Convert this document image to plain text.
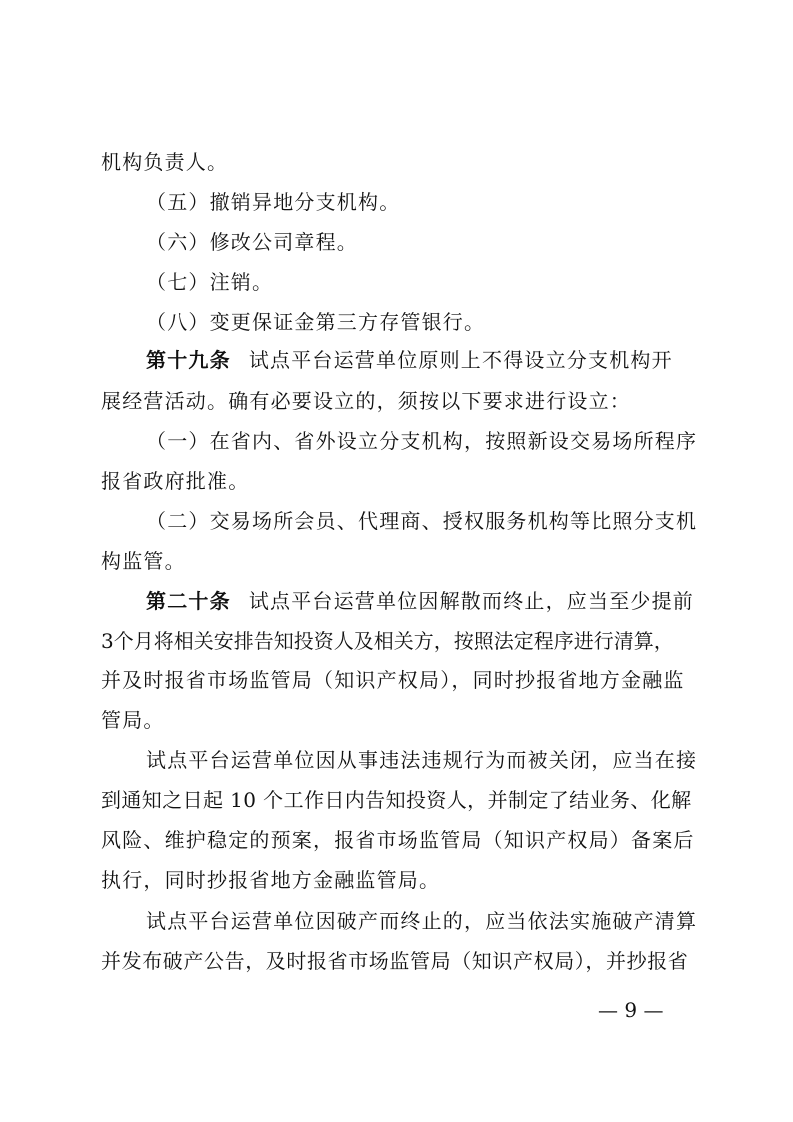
机构负责人。
（五）撤销异地分支机构。
（六）修改公司章程。
（七）注销。
（八）变更保证金第三方存管银行。
第十九条 试点平台运营单位原则上不得设立分支机构开
展经营活动。确有必要设立的，须按以下要求进行设立：
（一）在省内、省外设立分支机构，按照新设交易场所程序
报省政府批准。
（二）交易场所会员、代理商、授权服务机构等比照分支机
构监管。
第二十条 试点平台运营单位因解散而终止，应当至少提前
3个月将相关安排告知投资人及相关方，按照法定程序进行清算，
并及时报省市场监管局（知识产权局），同时抄报省地方金融监
管局。
试点平台运营单位因从事违法违规行为而被关闭，应当在接
到通知之日起 10 个工作日内告知投资人，并制定了结业务、化解
风险、维护稳定的预案，报省市场监管局（知识产权局）备案后
执行，同时抄报省地方金融监管局。
试点平台运营单位因破产而终止的，应当依法实施破产清算
并发布破产公告，及时报省市场监管局（知识产权局），并抄报省
— 9 —
